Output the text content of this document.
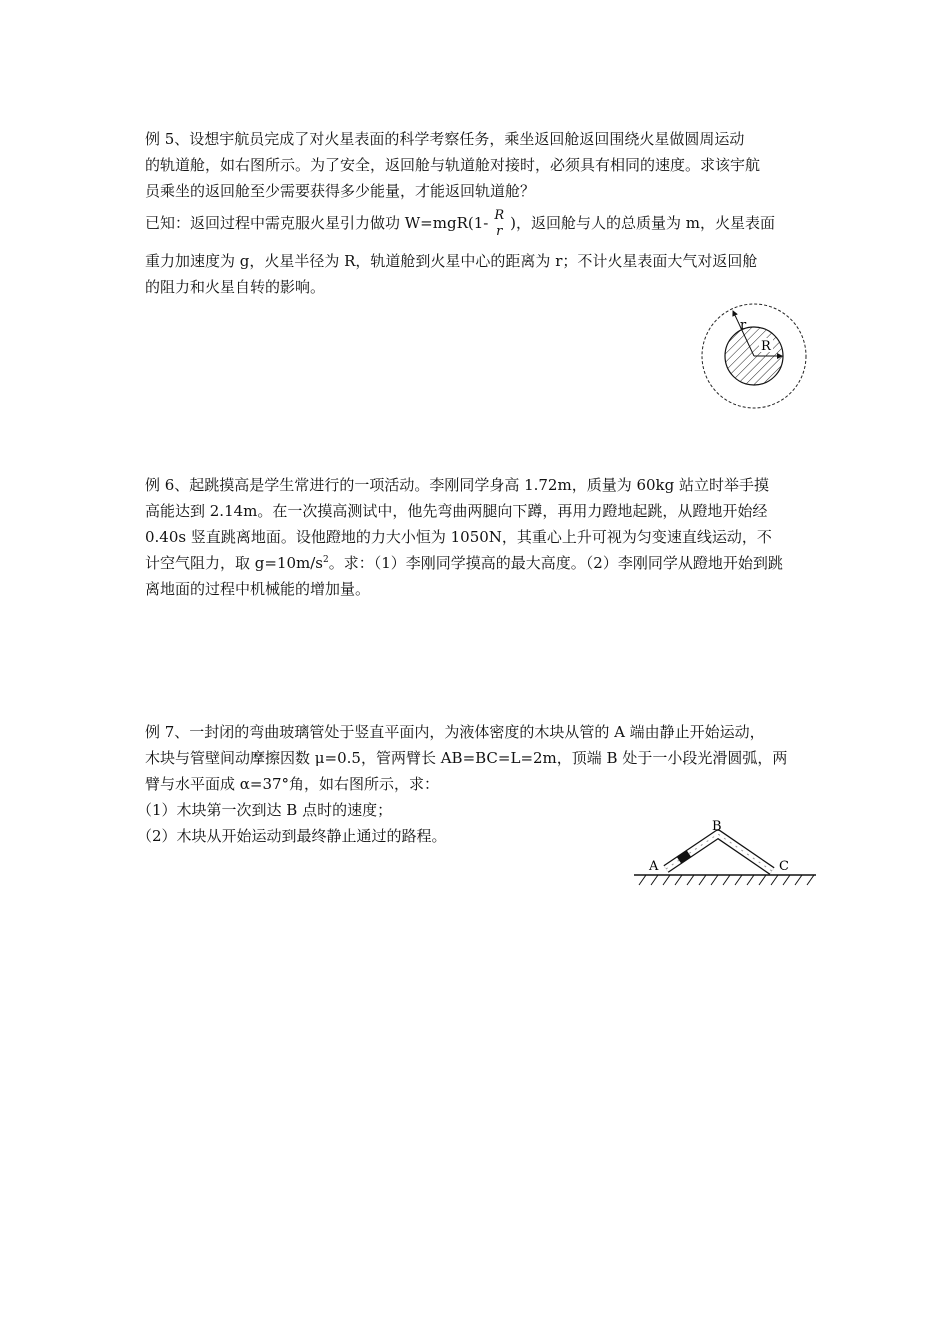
例 5、设想宇航员完成了对火星表面的科学考察任务，乘坐返回舱返回围绕火星做圆周运动
的轨道舱，如右图所示。为了安全，返回舱与轨道舱对接时，必须具有相同的速度。求该宇航
员乘坐的返回舱至少需要获得多少能量，才能返回轨道舱？
已知：返回过程中需克服火星引力做功 W=mgR(1- R
r )，返回舱与人的总质量为 m，火星表面
重力加速度为 g，火星半径为 R，轨道舱到火星中心的距离为 r；不计火星表面大气对返回舱
的阻力和火星自转的影响。
r
R
例 6、起跳摸高是学生常进行的一项活动。李刚同学身高 1.72m，质量为 60kg 站立时举手摸
高能达到 2.14m。在一次摸高测试中，他先弯曲两腿向下蹲，再用力蹬地起跳，从蹬地开始经
0.40s 竖直跳离地面。设他蹬地的力大小恒为 1050N，其重心上升可视为匀变速直线运动，不
计空气阻力，取 $g=10m/s^2$。求：（1）李刚同学摸高的最大高度。（2）李刚同学从蹬地开始到跳
离地面的过程中机械能的增加量。
例 7、一封闭的弯曲玻璃管处于竖直平面内，为液体密度的木块从管的 A 端由静止开始运动，
木块与管壁间动摩擦因数 μ=0.5，管两臂长 AB=BC=L=2m，顶端 B 处于一小段光滑圆弧，两
臂与水平面成 α=37°角，如右图所示，求：
（1）木块第一次到达 B 点时的速度；
（2）木块从开始运动到最终静止通过的路程。
A
B
C
